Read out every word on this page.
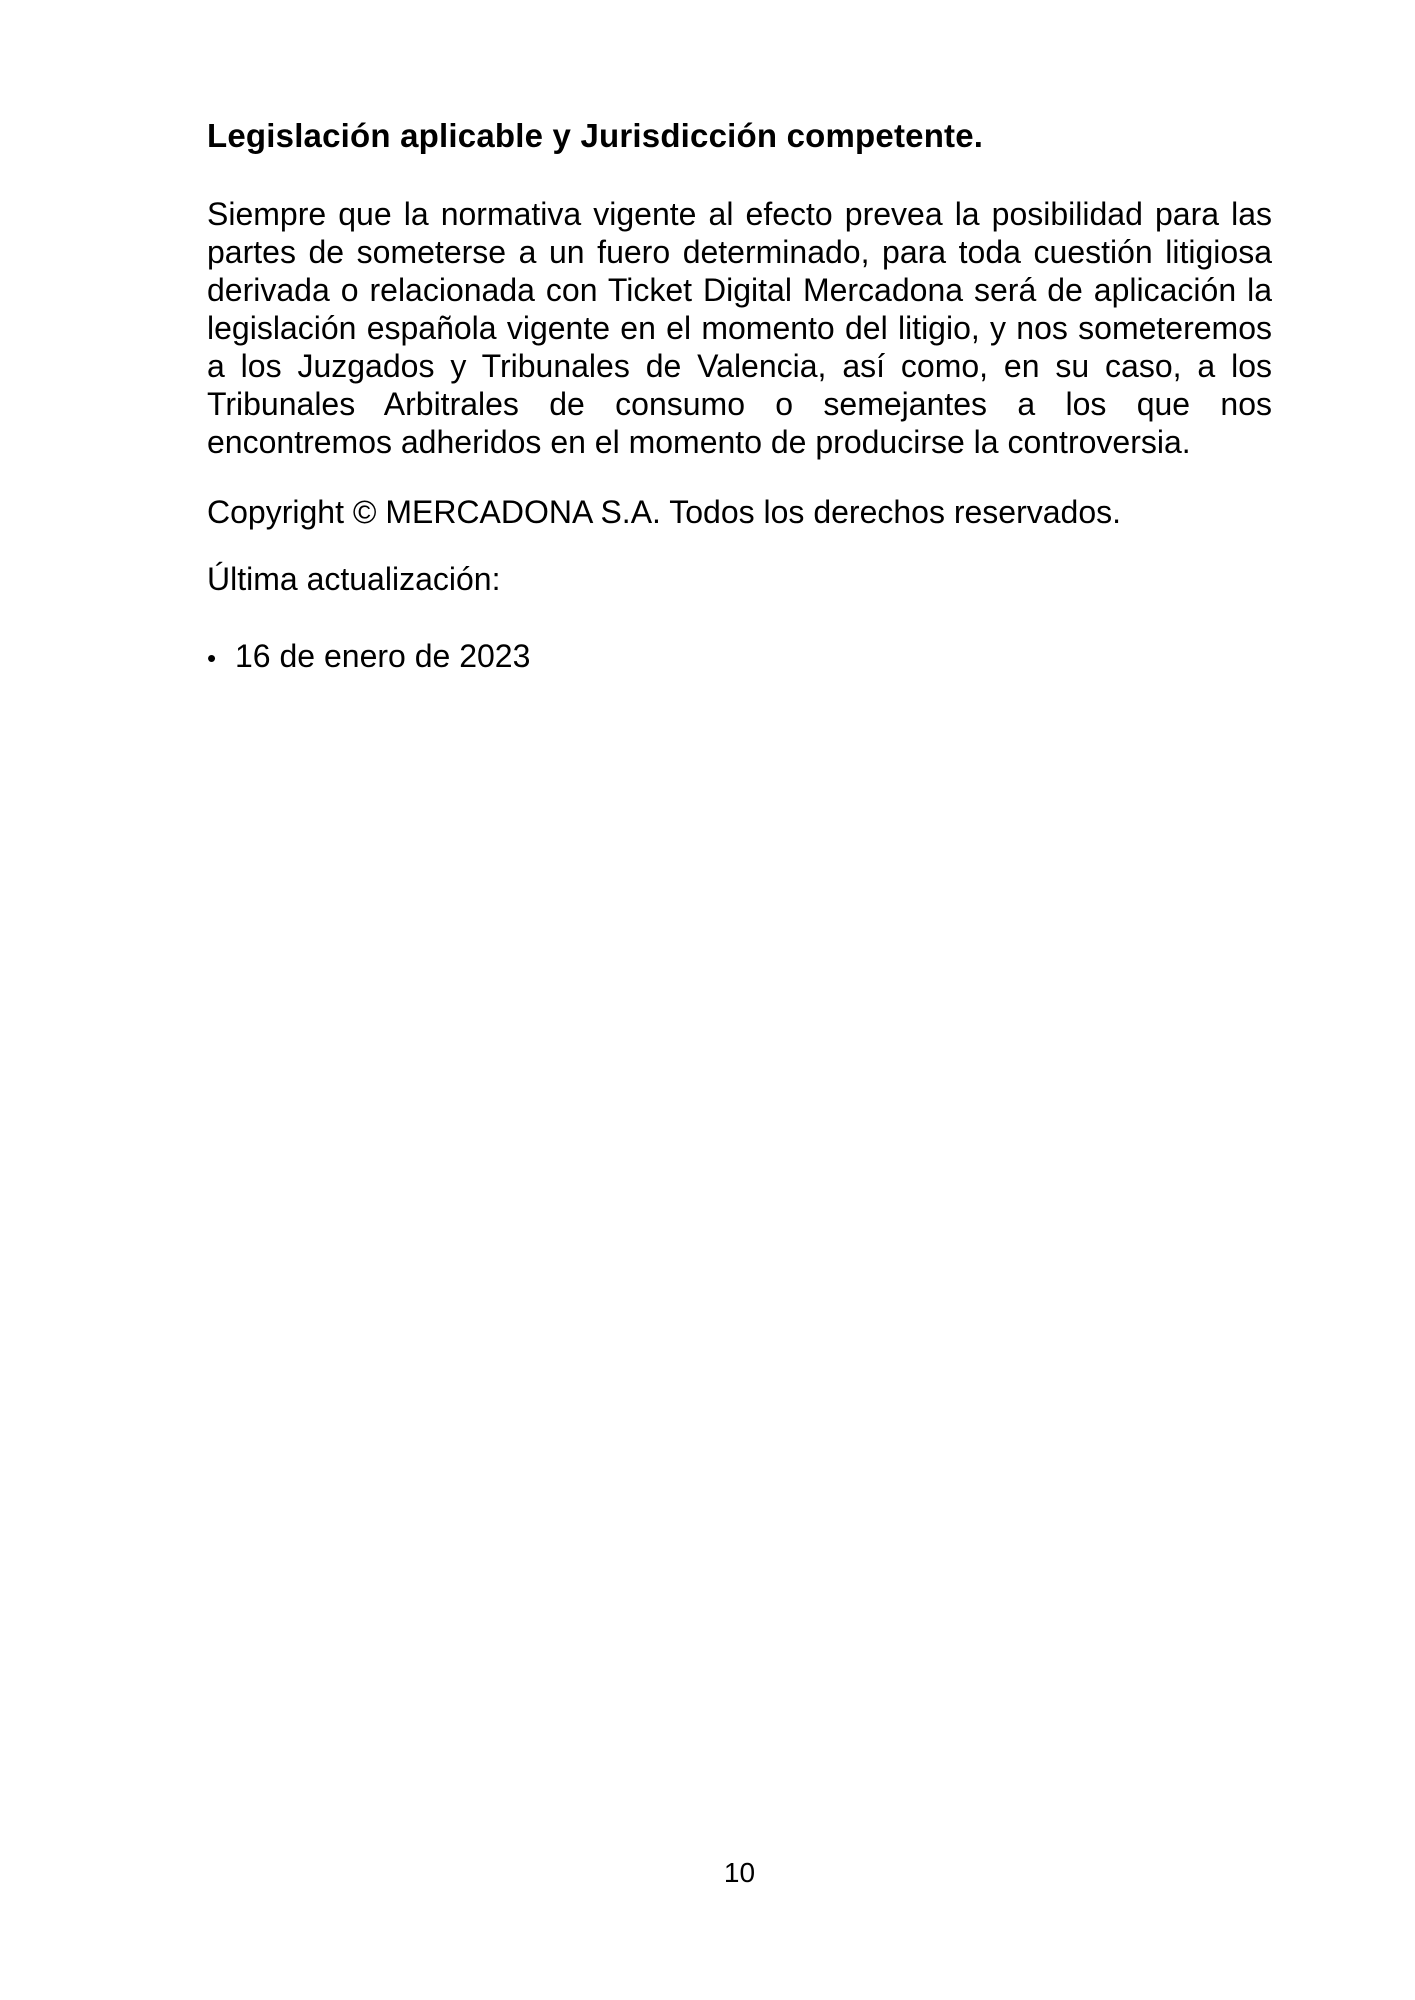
Legislación aplicable y Jurisdicción competente.
Siempre que la normativa vigente al efecto prevea la posibilidad para las
partes de someterse a un fuero determinado, para toda cuestión litigiosa
derivada o relacionada con Ticket Digital Mercadona será de aplicación la
legislación española vigente en el momento del litigio, y nos someteremos
a los Juzgados y Tribunales de Valencia, así como, en su caso, a los
Tribunales Arbitrales de consumo o semejantes a los que nos
encontremos adheridos en el momento de producirse la controversia.
Copyright © MERCADONA S.A. Todos los derechos reservados.
Última actualización:
• 16 de enero de 2023
10
